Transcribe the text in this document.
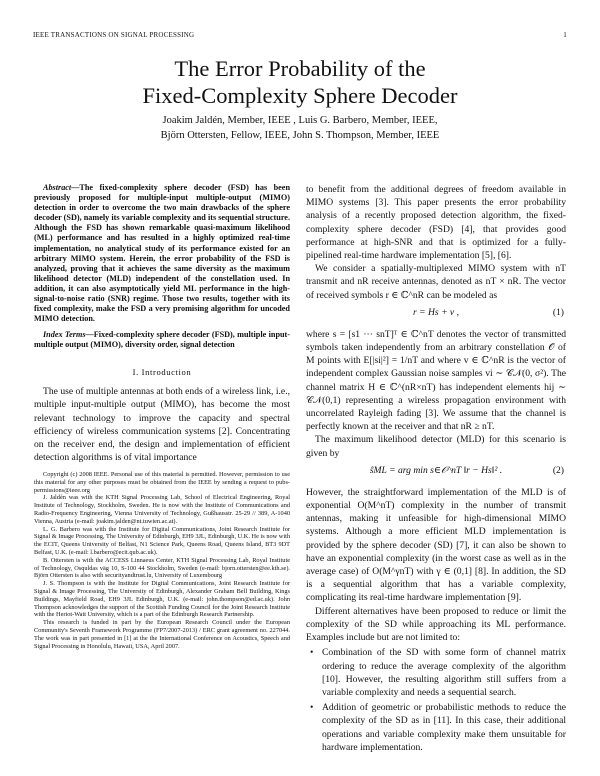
IEEE TRANSACTIONS ON SIGNAL PROCESSING	1
The Error Probability of the
Fixed-Complexity Sphere Decoder
Joakim Jaldén, Member, IEEE , Luis G. Barbero, Member, IEEE,
Björn Ottersten, Fellow, IEEE, John S. Thompson, Member, IEEE

Abstract—The fixed-complexity sphere decoder (FSD) has been previously proposed for multiple-input multiple-output (MIMO) detection in order to overcome the two main drawbacks of the sphere decoder (SD), namely its variable complexity and its sequential structure. Although the FSD has shown remarkable quasi-maximum likelihood (ML) performance and has resulted in a highly optimized real-time implementation, no analytical study of its performance existed for an arbitrary MIMO system. Herein, the error probability of the FSD is analyzed, proving that it achieves the same diversity as the maximum likelihood detector (MLD) independent of the constellation used. In addition, it can also asymptotically yield ML performance in the high-signal-to-noise ratio (SNR) regime. Those two results, together with its fixed complexity, make the FSD a very promising algorithm for uncoded MIMO detection.

Index Terms—Fixed-complexity sphere decoder (FSD), multiple input-multiple output (MIMO), diversity order, signal detection

I. Introduction

The use of multiple antennas at both ends of a wireless link, i.e., multiple input-multiple output (MIMO), has become the most relevant technology to improve the capacity and spectral efficiency of wireless communication systems [2]. Concentrating on the receiver end, the design and implementation of efficient detection algorithms is of vital importance

Copyright (c) 2008 IEEE. Personal use of this material is permitted. However, permission to use this material for any other purposes must be obtained from the IEEE by sending a request to pubs-permissions@ieee.org

J. Jaldén was with the KTH Signal Processing Lab, School of Electrical Engineering, Royal Institute of Technology, Stockholm, Sweden. He is now with the Institute of Communications and Radio-Frequency Engineering, Vienna University of Technology, Gußhausstr. 25-29 // 389, A-1040 Vienna, Austria (e-mail: joakim.jalden@nt.tuwien.ac.at).

L. G. Barbero was with the Institute for Digital Communications, Joint Research Institute for Signal & Image Processing, The University of Edinburgh, EH9 3JL, Edinburgh, U.K. He is now with the ECIT, Queens University of Belfast, N1 Science Park, Queens Road, Queens Island, BT3 9DT Belfast, U.K. (e-mail: l.barbero@ecit.qub.ac.uk).

B. Ottersten is with the ACCESS Linnaeus Center, KTH Signal Processing Lab, Royal Institute of Technology, Osquldas väg 10, S-100 44 Stockholm, Sweden (e-mail: bjorn.ottersten@ee.kth.se). Björn Ottersten is also with securityandtrust.lu, University of Luxembourg

J. S. Thompson is with the Institute for Digital Communications, Joint Research Institute for Signal & Image Processing, The University of Edinburgh, Alexander Graham Bell Building, Kings Buildings, Mayfield Road, EH9 3JL Edinburgh, U.K. (e-mail: john.thompson@ed.ac.uk). John Thompson acknowledges the support of the Scottish Funding Council for the Joint Research Institute with the Heriot-Watt University, which is a part of the Edinburgh Research Partnership.

This research is funded in part by the European Research Council under the European Community's Seventh Framework Programme (FP7/2007-2013) / ERC grant agreement no. 227044. The work was in part presented in [1] at the the International Conference on Acoustics, Speech and Signal Processing in Honolulu, Hawaii, USA, April 2007.

to benefit from the additional degrees of freedom available in MIMO systems [3]. This paper presents the error probability analysis of a recently proposed detection algorithm, the fixed-complexity sphere decoder (FSD) [4], that provides good performance at high-SNR and that is optimized for a fully-pipelined real-time hardware implementation [5], [6].

We consider a spatially-multiplexed MIMO system with nT transmit and nR receive antennas, denoted as nT × nR. The vector of received symbols r ∈ ℂ^nR can be modeled as

r = Hs + v ,	(1)

where s = [s1 ··· snT]ᵀ ∈ ℂ^nT denotes the vector of transmitted symbols taken independently from an arbitrary constellation 𝒪 of M points with E[|si|²] = 1/nT and where v ∈ ℂ^nR is the vector of independent complex Gaussian noise samples vi ∼ 𝒞𝒩(0, σ²). The channel matrix H ∈ ℂ^(nR×nT) has independent elements hij ∼ 𝒞𝒩(0,1) representing a wireless propagation environment with uncorrelated Rayleigh fading [3]. We assume that the channel is perfectly known at the receiver and that nR ≥ nT.

The maximum likelihood detector (MLD) for this scenario is given by

ŝML = arg min s∈𝒪^nT ‖r − Hs‖² .	(2)

However, the straightforward implementation of the MLD is of exponential O(M^nT) complexity in the number of transmit antennas, making it unfeasible for high-dimensional MIMO systems. Although a more efficient MLD implementation is provided by the sphere decoder (SD) [7], it can also be shown to have an exponential complexity (in the worst case as well as in the average case) of O(M^γnT) with γ ∈ (0,1] [8]. In addition, the SD is a sequential algorithm that has a variable complexity, complicating its real-time hardware implementation [9].

Different alternatives have been proposed to reduce or limit the complexity of the SD while approaching its ML performance. Examples include but are not limited to:

• Combination of the SD with some form of channel matrix ordering to reduce the average complexity of the algorithm [10]. However, the resulting algorithm still suffers from a variable complexity and needs a sequential search.
• Addition of geometric or probabilistic methods to reduce the complexity of the SD as in [11]. In this case, their additional operations and variable complexity make them unsuitable for hardware implementation.
